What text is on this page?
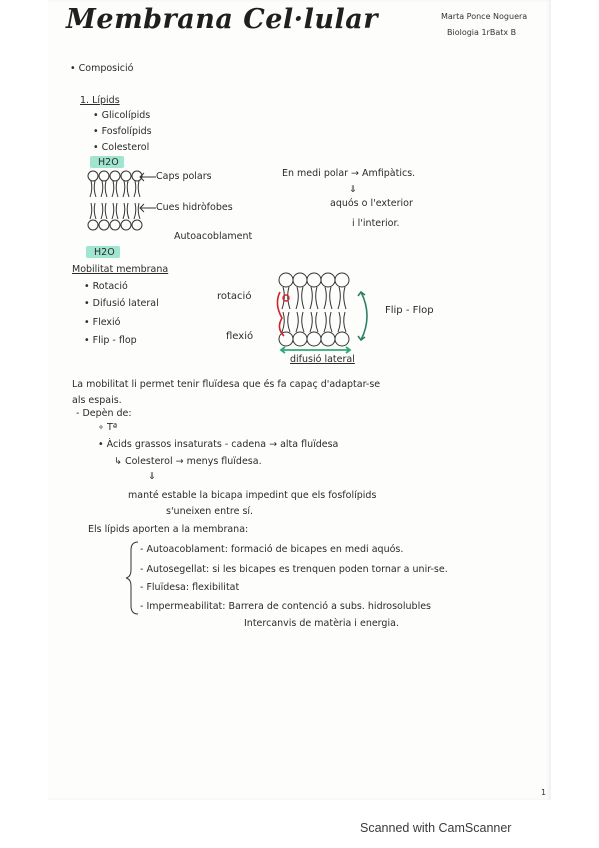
Membrana Cel·lular	Marta Ponce Noguera
Biologia 1rBatx B
• Composició
1. Lípids
• Glicolípids
• Fosfolípids
• Colesterol
H2O
Caps polars
Cues hidròfobes
Autoacoblament
H2O
En medi polar → Amfipàtics.
⇓
aquós o l'exterior
i l'interior.
Mobilitat membrana
• Rotació
• Difusió lateral
• Flexió
• Flip - flop
rotació
flexió
Flip - Flop
difusió lateral
La mobilitat li permet tenir fluïdesa que és fa capaç d'adaptar-se
als espais.
- Depèn de:
∘ Tª
• Àcids grassos insaturats - cadena → alta fluïdesa
↳ Colesterol → menys fluïdesa.
⇓
manté estable la bicapa impedint que els fosfolípids
s'uneixen entre sí.
Els lípids aporten a la membrana:
- Autoacoblament: formació de bicapes en medi aquós.
- Autosegellat: si les bicapes es trenquen poden tornar a unir-se.
- Fluïdesa: flexibilitat
- Impermeabilitat: Barrera de contenció a subs. hidrosolubles
Intercanvis de matèria i energia.
1
Scanned with CamScanner
